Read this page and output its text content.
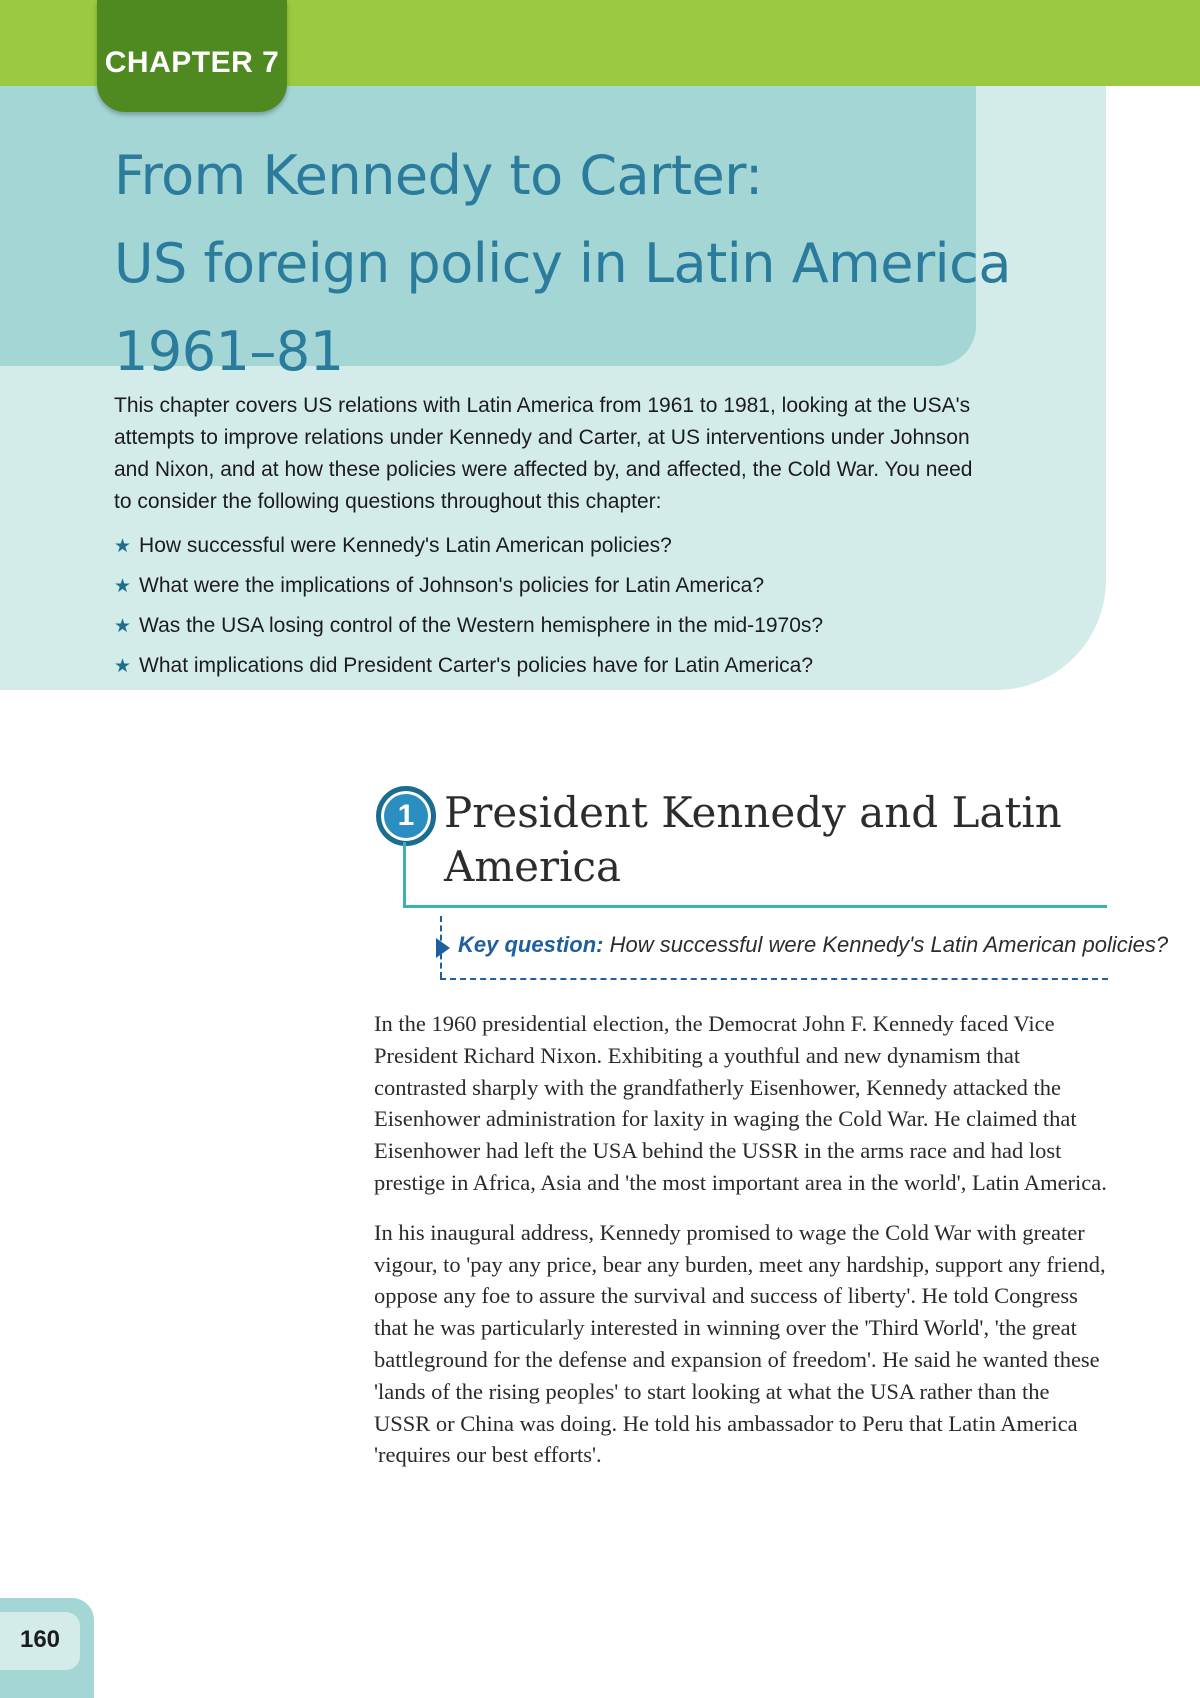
CHAPTER 7
From Kennedy to Carter:
US foreign policy in Latin America
1961–81

This chapter covers US relations with Latin America from 1961 to 1981, looking at the USA's attempts to improve relations under Kennedy and Carter, at US interventions under Johnson and Nixon, and at how these policies were affected by, and affected, the Cold War. You need to consider the following questions throughout this chapter:

★ How successful were Kennedy's Latin American policies?
★ What were the implications of Johnson's policies for Latin America?
★ Was the USA losing control of the Western hemisphere in the mid-1970s?
★ What implications did President Carter's policies have for Latin America?
1 President Kennedy and Latin America
Key question: How successful were Kennedy's Latin American policies?

In the 1960 presidential election, the Democrat John F. Kennedy faced Vice President Richard Nixon. Exhibiting a youthful and new dynamism that contrasted sharply with the grandfatherly Eisenhower, Kennedy attacked the Eisenhower administration for laxity in waging the Cold War. He claimed that Eisenhower had left the USA behind the USSR in the arms race and had lost prestige in Africa, Asia and 'the most important area in the world', Latin America.

In his inaugural address, Kennedy promised to wage the Cold War with greater vigour, to 'pay any price, bear any burden, meet any hardship, support any friend, oppose any foe to assure the survival and success of liberty'. He told Congress that he was particularly interested in winning over the 'Third World', 'the great battleground for the defense and expansion of freedom'. He said he wanted these 'lands of the rising peoples' to start looking at what the USA rather than the USSR or China was doing. He told his ambassador to Peru that Latin America 'requires our best efforts'.

160
